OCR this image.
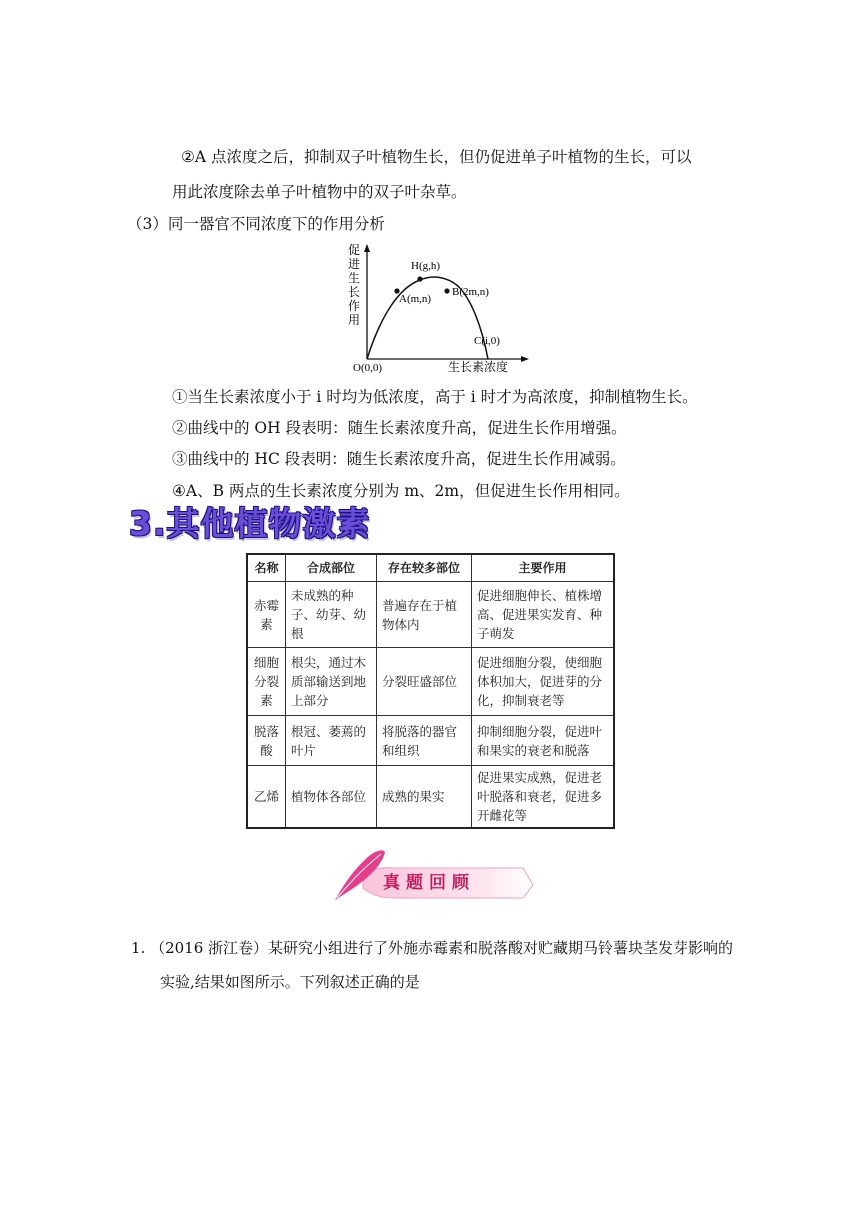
②A 点浓度之后，抑制双子叶植物生长，但仍促进单子叶植物的生长，可以
用此浓度除去单子叶植物中的双子叶杂草。
（3）同一器官不同浓度下的作用分析
促
进
生
长
作
用
H(g,h)
A(m,n)
B(2m,n)
C(i,0)
O(0,0)	生长素浓度
①当生长素浓度小于 i 时均为低浓度，高于 i 时才为高浓度，抑制植物生长。
②曲线中的 OH 段表明：随生长素浓度升高，促进生长作用增强。
③曲线中的 HC 段表明：随生长素浓度升高，促进生长作用减弱。
④A、B 两点的生长素浓度分别为 m、2m，但促进生长作用相同。
3.其他植物激素
名称	合成部位	存在较多部位	主要作用
赤霉素	未成熟的种子、幼芽、幼根	普遍存在于植物体内	促进细胞伸长、植株增高、促进果实发育、种子萌发
细胞分裂素	根尖，通过木质部输送到地上部分	分裂旺盛部位	促进细胞分裂，使细胞体积加大，促进芽的分化，抑制衰老等
脱落酸	根冠、萎蔫的叶片	将脱落的器官和组织	抑制细胞分裂，促进叶和果实的衰老和脱落
乙烯	植物体各部位	成熟的果实	促进果实成熟，促进老叶脱落和衰老，促进多开雌花等
真题回顾
1. （2016 浙江卷）某研究小组进行了外施赤霉素和脱落酸对贮藏期马铃薯块茎发芽影响的
实验,结果如图所示。下列叙述正确的是
